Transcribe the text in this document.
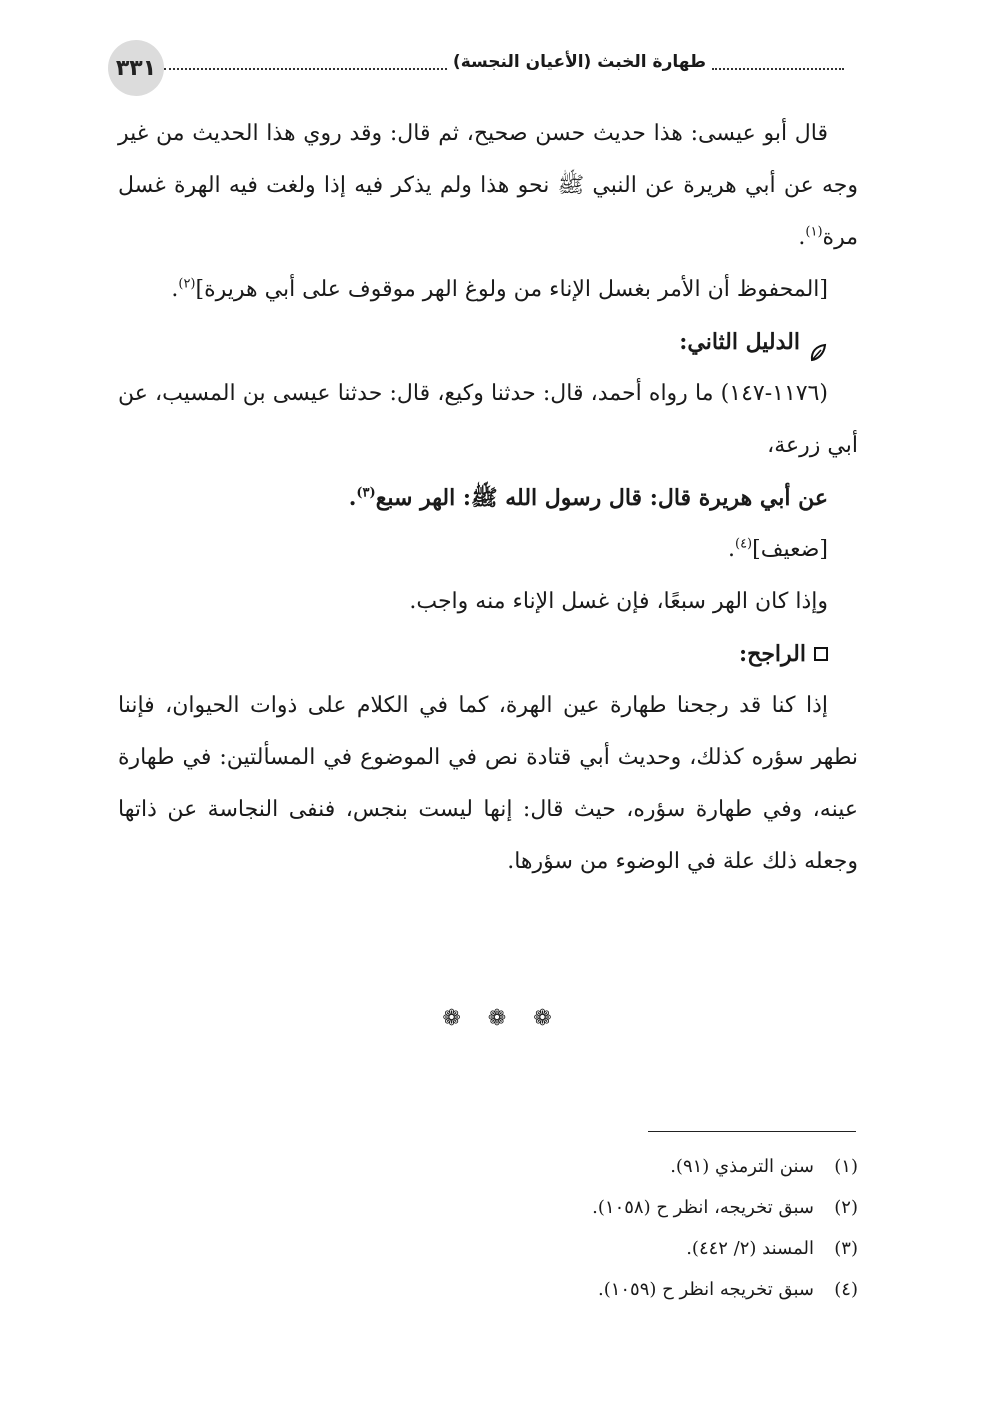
٣٣١	طهارة الخبث (الأعيان النجسة)

قال أبو عيسى: هذا حديث حسن صحيح، ثم قال: وقد روي هذا الحديث من غير وجه عن أبي هريرة عن النبي ﷺ نحو هذا ولم يذكر فيه إذا ولغت فيه الهرة غسل مرة$^{(١)}$.

[المحفوظ أن الأمر بغسل الإناء من ولوغ الهر موقوف على أبي هريرة]$^{(٢)}$.

الدليل الثاني:

(١١٧٦-١٤٧) ما رواه أحمد، قال: حدثنا وكيع، قال: حدثنا عيسى بن المسيب، عن أبي زرعة،

عن أبي هريرة قال: قال رسول الله ﷺ: الهر سبع$^{(٣)}$.

[ضعيف]$^{(٤)}$.

وإذا كان الهر سبعًا، فإن غسل الإناء منه واجب.

الراجح:

إذا كنا قد رجحنا طهارة عين الهرة، كما في الكلام على ذوات الحيوان، فإننا نطهر سؤره كذلك، وحديث أبي قتادة نص في الموضوع في المسألتين: في طهارة عينه، وفي طهارة سؤره، حيث قال: إنها ليست بنجس، فنفى النجاسة عن ذاتها وجعله ذلك علة في الوضوء من سؤرها.

❁ ❁ ❁
(١)
سنن الترمذي (٩١).
(٢)
سبق تخريجه، انظر ح (١٠٥٨).
(٣)
المسند (٢/ ٤٤٢).
(٤)
سبق تخريجه انظر ح (١٠٥٩).
